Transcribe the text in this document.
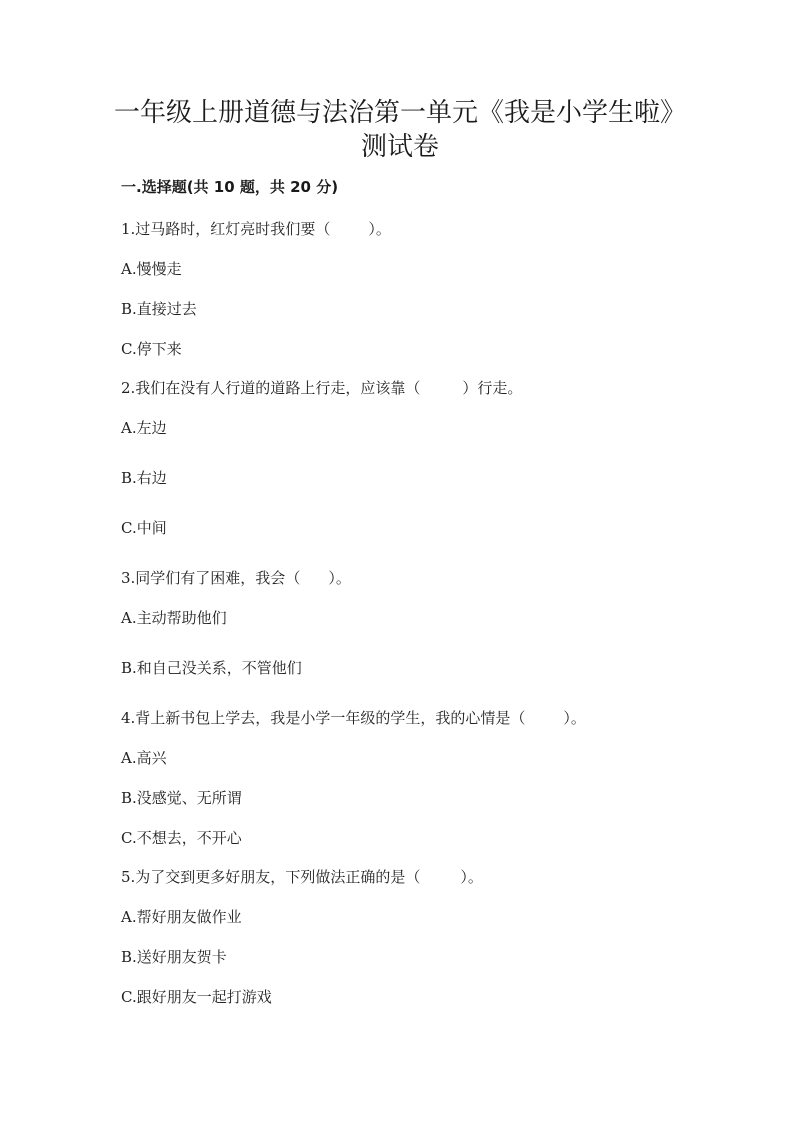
一年级上册道德与法治第一单元《我是小学生啦》
测试卷
一.选择题(共 10 题，共 20 分)
1.过马路时，红灯亮时我们要（	）。
A.慢慢走
B.直接过去
C.停下来
2.我们在没有人行道的道路上行走，应该靠（	）行走。
A.左边
B.右边
C.中间
3.同学们有了困难，我会（ ）。
A.主动帮助他们
B.和自己没关系，不管他们
4.背上新书包上学去，我是小学一年级的学生，我的心情是（	）。
A.高兴
B.没感觉、无所谓
C.不想去，不开心
5.为了交到更多好朋友，下列做法正确的是（	）。
A.帮好朋友做作业
B.送好朋友贺卡
C.跟好朋友一起打游戏
